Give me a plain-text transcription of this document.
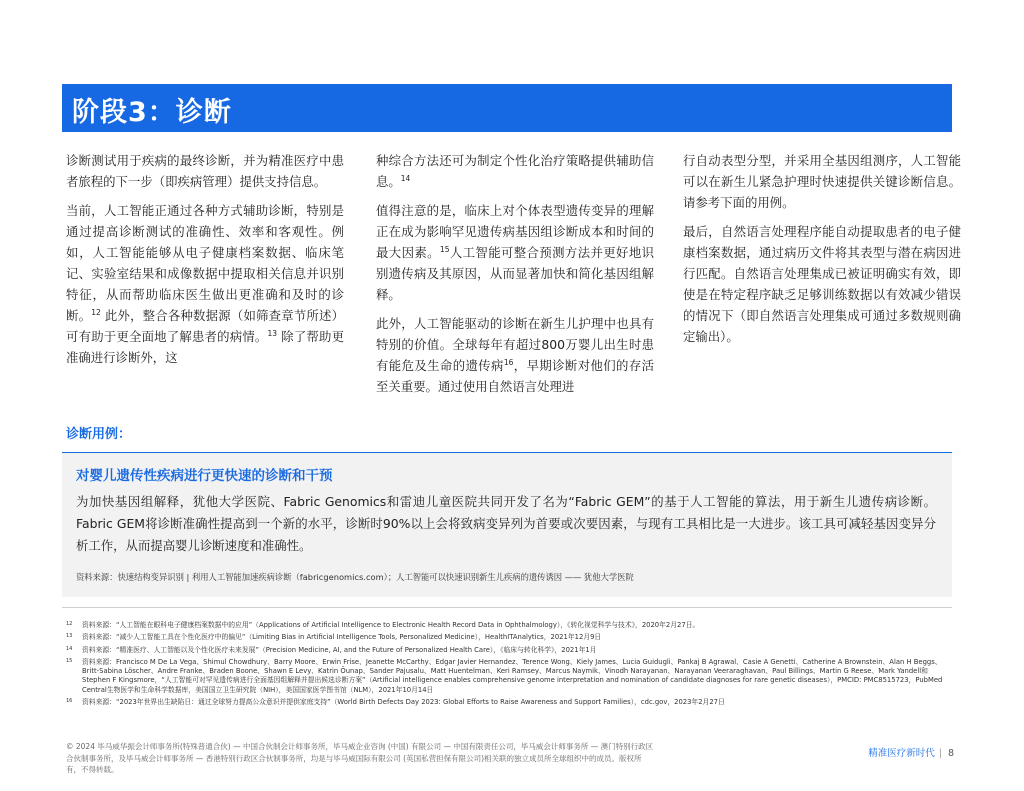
阶段3：诊断

诊断测试用于疾病的最终诊断，并为精准医疗中患者旅程的下一步（即疾病管理）提供支持信息。

当前，人工智能正通过各种方式辅助诊断，特别是通过提高诊断测试的准确性、效率和客观性。例如，人工智能能够从电子健康档案数据、临床笔记、实验室结果和成像数据中提取相关信息并识别特征，从而帮助临床医生做出更准确和及时的诊断。$^{12}$ 此外，整合各种数据源（如筛查章节所述）可有助于更全面地了解患者的病情。$^{13}$ 除了帮助更准确进行诊断外，这

种综合方法还可为制定个性化治疗策略提供辅助信息。$^{14}$

值得注意的是，临床上对个体表型遗传变异的理解正在成为影响罕见遗传病基因组诊断成本和时间的最大因素。$^{15}$人工智能可整合预测方法并更好地识别遗传病及其原因，从而显著加快和简化基因组解释。

此外，人工智能驱动的诊断在新生儿护理中也具有特别的价值。全球每年有超过800万婴儿出生时患有能危及生命的遗传病$^{16}$，早期诊断对他们的存活至关重要。通过使用自然语言处理进

行自动表型分型，并采用全基因组测序，人工智能可以在新生儿紧急护理时快速提供关键诊断信息。请参考下面的用例。

最后，自然语言处理程序能自动提取患者的电子健康档案数据，通过病历文件将其表型与潜在病因进行匹配。自然语言处理集成已被证明确实有效，即使是在特定程序缺乏足够训练数据以有效减少错误的情况下（即自然语言处理集成可通过多数规则确定输出）。

诊断用例：
对婴儿遗传性疾病进行更快速的诊断和干预
为加快基因组解释，犹他大学医院、Fabric Genomics和雷迪儿童医院共同开发了名为“Fabric GEM”的基于人工智能的算法，用于新生儿遗传病诊断。Fabric GEM将诊断准确性提高到一个新的水平，诊断时90%以上会将致病变异列为首要或次要因素，与现有工具相比是一大进步。该工具可减轻基因变异分析工作，从而提高婴儿诊断速度和准确性。
资料来源：快速结构变异识别 | 利用人工智能加速疾病诊断（fabricgenomics.com）；人工智能可以快速识别新生儿疾病的遗传诱因 —— 犹他大学医院
12 资料来源：“人工智能在眼科电子健康档案数据中的应用”（Applications of Artificial Intelligence to Electronic Health Record Data in Ophthalmology），《转化视觉科学与技术》，2020年2月27日。
13 资料来源：“减少人工智能工具在个性化医疗中的偏见”（Limiting Bias in Artificial Intelligence Tools, Personalized Medicine），HealthITAnalytics，2021年12月9日
14 资料来源：“精准医疗、人工智能以及个性化医疗未来发展”（Precision Medicine, AI, and the Future of Personalized Health Care），《临床与转化科学》，2021年1月
15 资料来源：Francisco M De La Vega、Shimul Chowdhury、Barry Moore、Erwin Frise、Jeanette McCarthy、Edgar Javier Hernandez、Terence Wong、Kiely James、Lucia Guidugli、Pankaj B Agrawal、Casie A Genetti、Catherine A Brownstein、Alan H Beggs、Britt-Sabina Löscher、Andre Franke、Braden Boone、Shawn E Levy、Katrin Õunap、Sander Pajusalu、Matt Huentelman、Keri Ramsey、Marcus Naymik、Vinodh Narayanan、Narayanan Veeraraghavan、Paul Billings、Martin G Reese、Mark Yandell和Stephen F Kingsmore，“人工智能可对罕见遗传病进行全面基因组解释并提出候选诊断方案”（Artificial intelligence enables comprehensive genome interpretation and nomination of candidate diagnoses for rare genetic diseases），PMCID: PMC8515723，PubMed Central生物医学和生命科学数据库，美国国立卫生研究院（NIH），美国国家医学图书馆（NLM），2021年10月14日
16 资料来源：“2023年世界出生缺陷日：通过全球努力提高公众意识并提供家庭支持”（World Birth Defects Day 2023: Global Efforts to Raise Awareness and Support Families），cdc.gov，2023年2月27日
© 2024 毕马威华振会计师事务所(特殊普通合伙) — 中国合伙制会计师事务所，毕马威企业咨询 (中国) 有限公司 — 中国有限责任公司，毕马威会计师事务所 — 澳门特别行政区合伙制事务所，及毕马威会计师事务所 — 香港特别行政区合伙制事务所，均是与毕马威国际有限公司 (英国私营担保有限公司)相关联的独立成员所全球组织中的成员。版权所有，不得转载。
精准医疗新时代 | 8
